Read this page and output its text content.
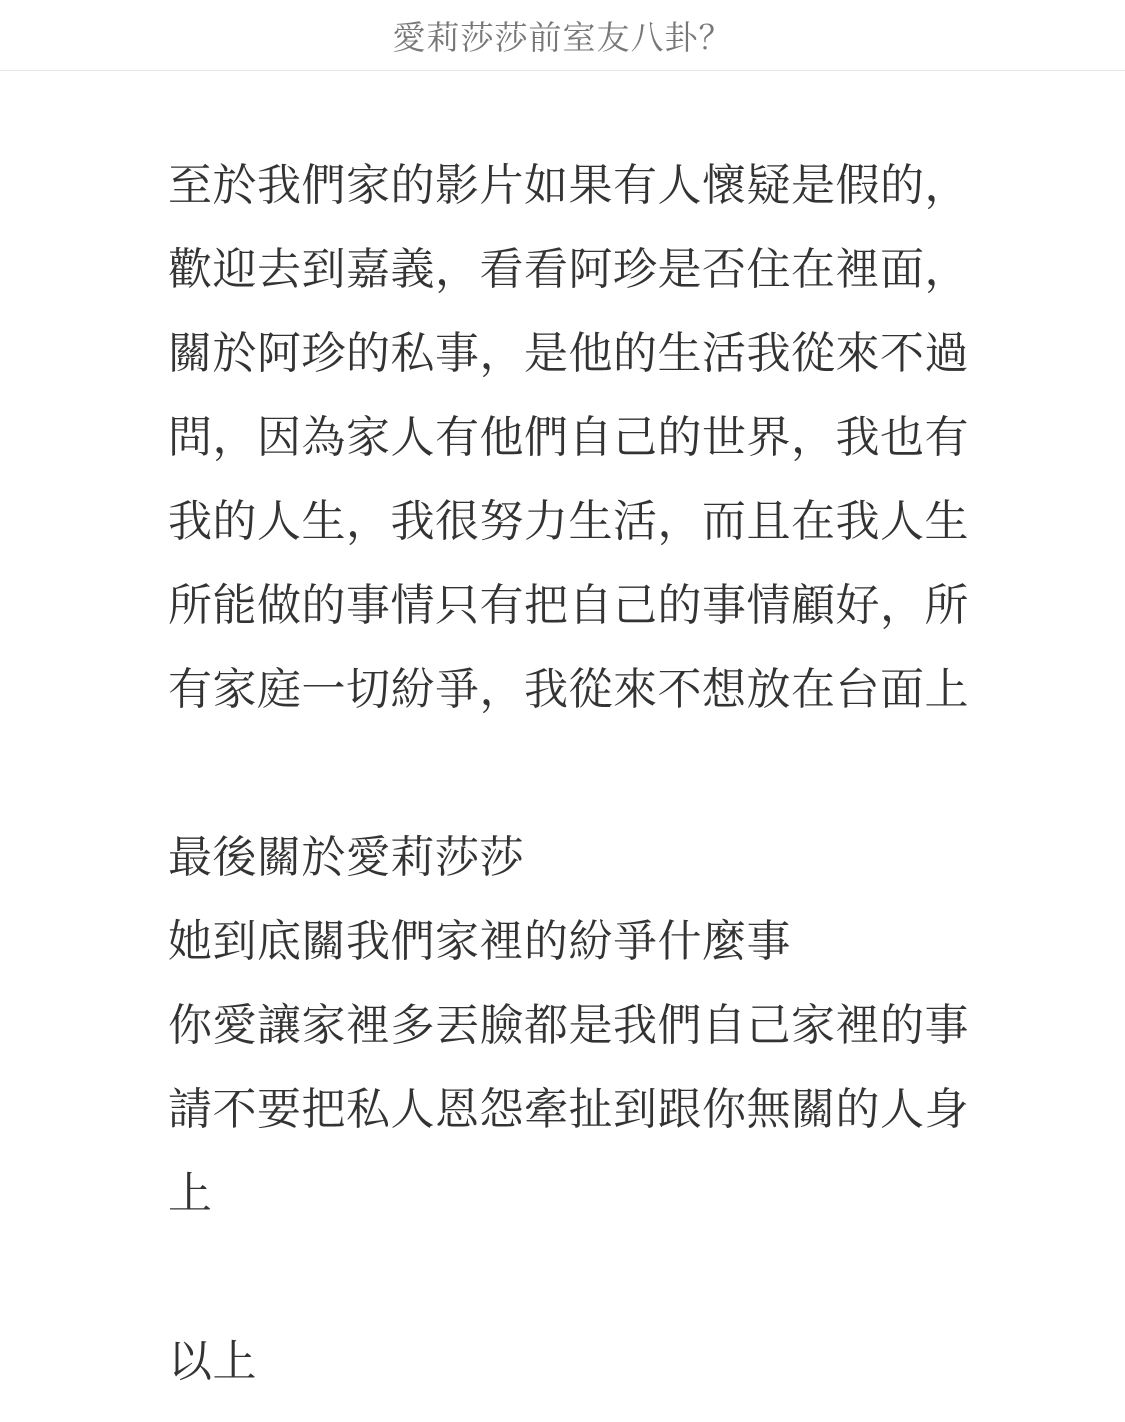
愛莉莎莎前室友八卦？
至於我們家的影片如果有人懷疑是假的，
歡迎去到嘉義，看看阿珍是否住在裡面，
關於阿珍的私事，是他的生活我從來不過
問，因為家人有他們自己的世界，我也有
我的人生，我很努力生活，而且在我人生
所能做的事情只有把自己的事情顧好，所
有家庭一切紛爭，我從來不想放在台面上
最後關於愛莉莎莎
她到底關我們家裡的紛爭什麼事
你愛讓家裡多丟臉都是我們自己家裡的事
請不要把私人恩怨牽扯到跟你無關的人身
上
以上
